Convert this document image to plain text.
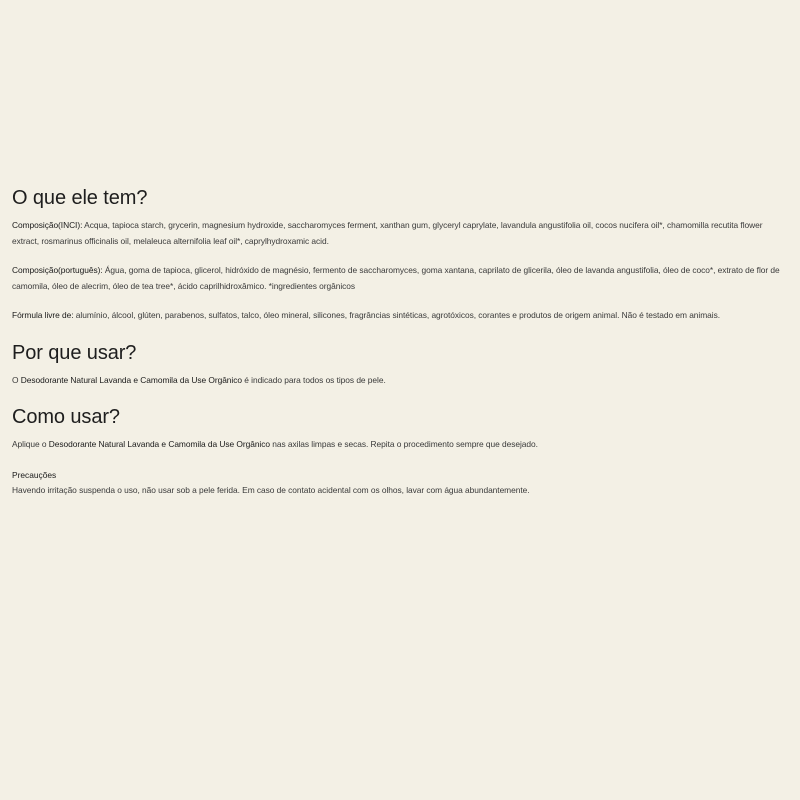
O que ele tem?

Composição(INCI): Acqua, tapioca starch, grycerin, magnesium hydroxide, saccharomyces ferment, xanthan gum, glyceryl caprylate, lavandula angustifolia oil, cocos nucifera oil*, chamomilla recutita flower extract, rosmarinus officinalis oil, melaleuca alternifolia leaf oil*, caprylhydroxamic acid.

Composição(português): Água, goma de tapioca, glicerol, hidróxido de magnésio, fermento de saccharomyces, goma xantana, caprilato de glicerila, óleo de lavanda angustifolia, óleo de coco*, extrato de flor de camomila, óleo de alecrim, óleo de tea tree*, ácido caprilhidroxâmico. *ingredientes orgânicos

Fórmula livre de: alumínio, álcool, glúten, parabenos, sulfatos, talco, óleo mineral, silicones, fragrâncias sintéticas, agrotóxicos, corantes e produtos de origem animal. Não é testado em animais.

Por que usar?

O Desodorante Natural Lavanda e Camomila da Use Orgânico é indicado para todos os tipos de pele.

Como usar?

Aplique o Desodorante Natural Lavanda e Camomila da Use Orgânico nas axilas limpas e secas. Repita o procedimento sempre que desejado.

Precauções

Havendo irritação suspenda o uso, não usar sob a pele ferida. Em caso de contato acidental com os olhos, lavar com água abundantemente.
